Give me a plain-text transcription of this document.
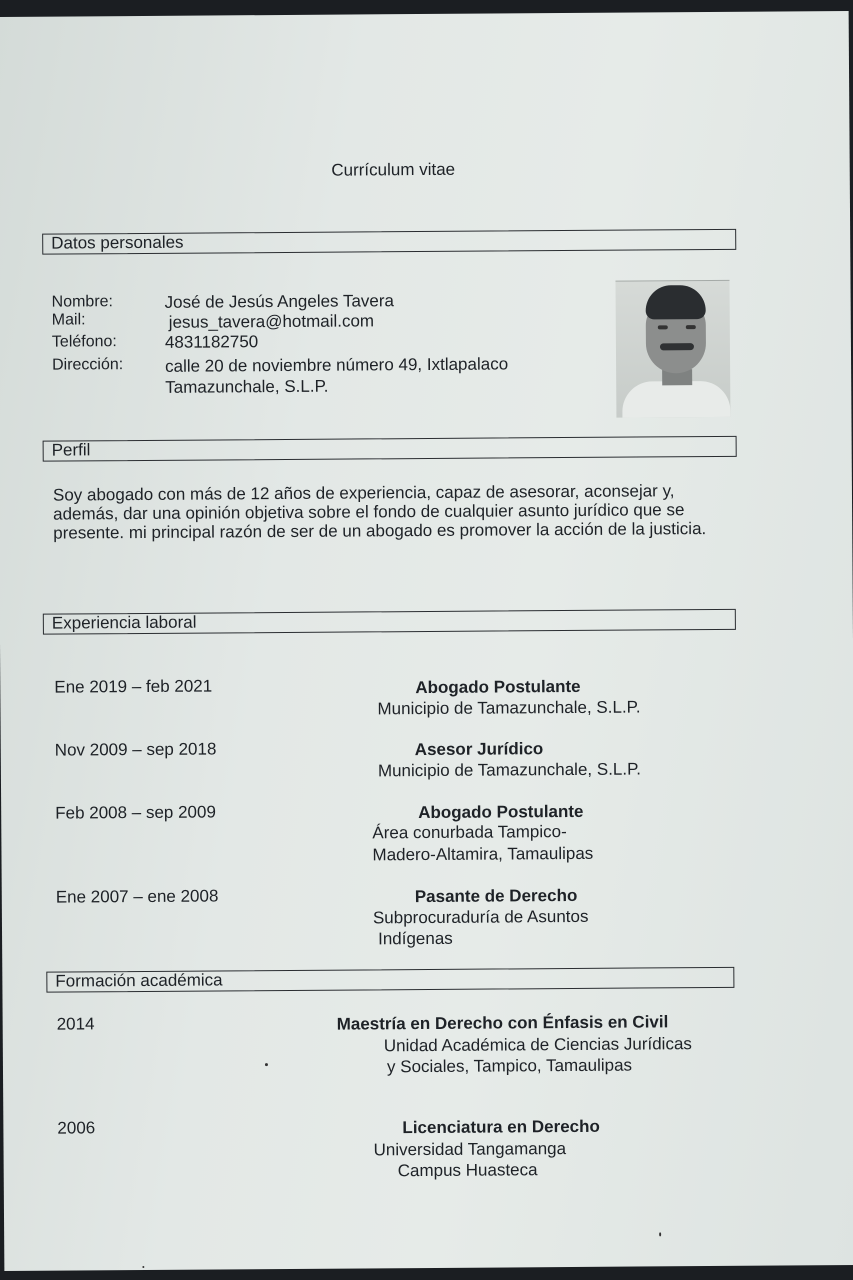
Currículum vitae
Datos personales
Nombre:	José de Jesús Angeles Tavera
Mail:	jesus_tavera@hotmail.com
Teléfono:	4831182750
Dirección: calle 20 de noviembre número 49, Ixtlapalaco
Tamazunchale, S.L.P.
Perfil
Soy abogado con más de 12 años de experiencia, capaz de asesorar, aconsejar y, además, dar una opinión objetiva sobre el fondo de cualquier asunto jurídico que se presente. mi principal razón de ser de un abogado es promover la acción de la justicia.
Experiencia laboral
Ene 2019 – feb 2021	Abogado Postulante
Municipio de Tamazunchale, S.L.P.
Nov 2009 – sep 2018	Asesor Jurídico
Municipio de Tamazunchale, S.L.P.
Feb 2008 – sep 2009	Abogado Postulante
Área conurbada Tampico-
Madero-Altamira, Tamaulipas
Ene 2007 – ene 2008	Pasante de Derecho
Subprocuraduría de Asuntos
Indígenas
Formación académica
2014	Maestría en Derecho con Énfasis en Civil
Unidad Académica de Ciencias Jurídicas
y Sociales, Tampico, Tamaulipas
2006	Licenciatura en Derecho
Universidad Tangamanga
Campus Huasteca
